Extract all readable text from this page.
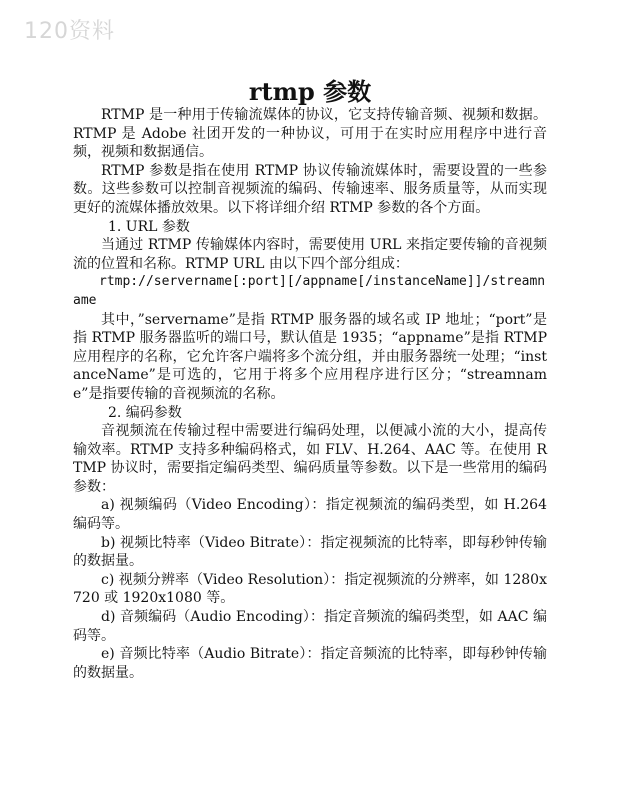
120资料
rtmp 参数

RTMP 是一种用于传输流媒体的协议，它支持传输音频、视频和数据。RTMP 是 Adobe 社团开发的一种协议，可用于在实时应用程序中进行音频，视频和数据通信。

RTMP 参数是指在使用 RTMP 协议传输流媒体时，需要设置的一些参数。这些参数可以控制音视频流的编码、传输速率、服务质量等，从而实现更好的流媒体播放效果。以下将详细介绍 RTMP 参数的各个方面。

1. URL 参数

当通过 RTMP 传输媒体内容时，需要使用 URL 来指定要传输的音视频流的位置和名称。RTMP URL 由以下四个部分组成：

rtmp://servername[:port][/appname[/instanceName]]/streamname

其中，”servername”是指 RTMP 服务器的域名或 IP 地址；“port”是指 RTMP 服务器监听的端口号，默认值是 1935；“appname”是指 RTMP 应用程序的名称，它允许客户端将多个流分组，并由服务器统一处理；“instanceName”是可选的，它用于将多个应用程序进行区分；“streamname”是指要传输的音视频流的名称。

2. 编码参数

音视频流在传输过程中需要进行编码处理，以便减小流的大小，提高传输效率。RTMP 支持多种编码格式，如 FLV、H.264、AAC 等。在使用 RTMP 协议时，需要指定编码类型、编码质量等参数。以下是一些常用的编码参数：

a) 视频编码（Video Encoding）：指定视频流的编码类型，如 H.264 编码等。

b) 视频比特率（Video Bitrate）：指定视频流的比特率，即每秒钟传输的数据量。

c) 视频分辨率（Video Resolution）：指定视频流的分辨率，如 1280x720 或 1920x1080 等。

d) 音频编码（Audio Encoding）：指定音频流的编码类型，如 AAC 编码等。

e) 音频比特率（Audio Bitrate）：指定音频流的比特率，即每秒钟传输的数据量。
